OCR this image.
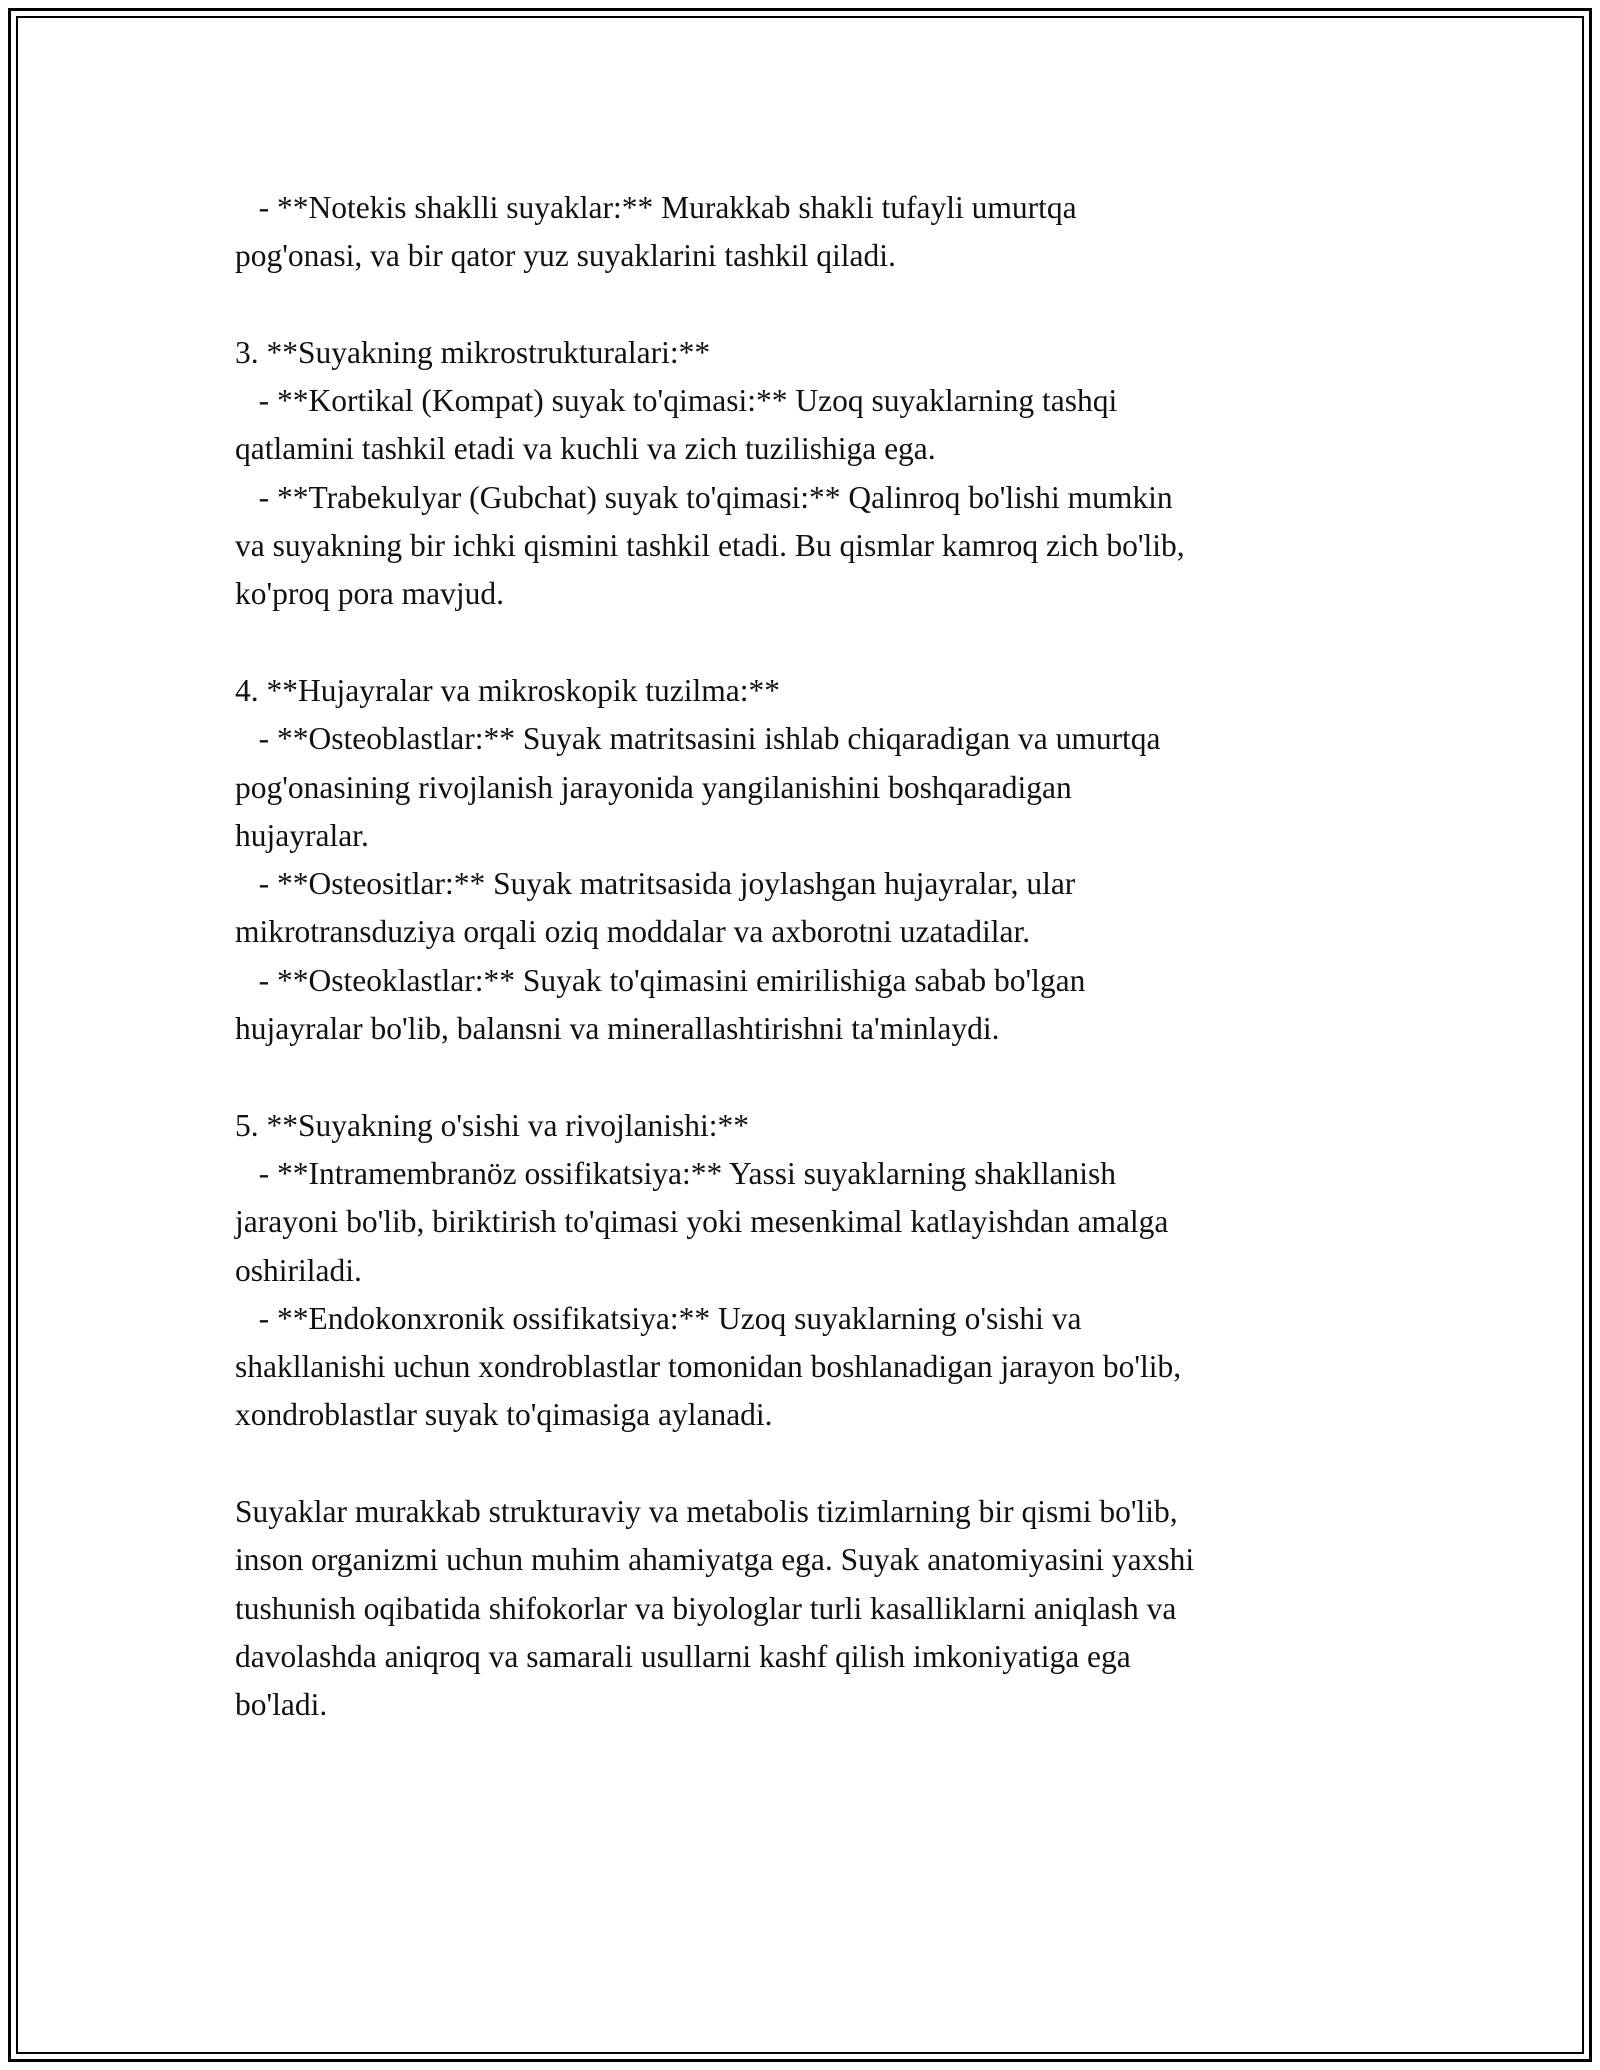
- **Notekis shaklli suyaklar:** Murakkab shakli tufayli umurtqa
pog'onasi, va bir qator yuz suyaklarini tashkil qiladi.
3. **Suyakning mikrostrukturalari:**
- **Kortikal (Kompat) suyak to'qimasi:** Uzoq suyaklarning tashqi
qatlamini tashkil etadi va kuchli va zich tuzilishiga ega.
- **Trabekulyar (Gubchat) suyak to'qimasi:** Qalinroq bo'lishi mumkin
va suyakning bir ichki qismini tashkil etadi. Bu qismlar kamroq zich bo'lib,
ko'proq pora mavjud.
4. **Hujayralar va mikroskopik tuzilma:**
- **Osteoblastlar:** Suyak matritsasini ishlab chiqaradigan va umurtqa
pog'onasining rivojlanish jarayonida yangilanishini boshqaradigan
hujayralar.
- **Osteositlar:** Suyak matritsasida joylashgan hujayralar, ular
mikrotransduziya orqali oziq moddalar va axborotni uzatadilar.
- **Osteoklastlar:** Suyak to'qimasini emirilishiga sabab bo'lgan
hujayralar bo'lib, balansni va minerallashtirishni ta'minlaydi.
5. **Suyakning o'sishi va rivojlanishi:**
- **Intramembranöz ossifikatsiya:** Yassi suyaklarning shakllanish
jarayoni bo'lib, biriktirish to'qimasi yoki mesenkimal katlayishdan amalga
oshiriladi.
- **Endokonxronik ossifikatsiya:** Uzoq suyaklarning o'sishi va
shakllanishi uchun xondroblastlar tomonidan boshlanadigan jarayon bo'lib,
xondroblastlar suyak to'qimasiga aylanadi.
Suyaklar murakkab strukturaviy va metabolis tizimlarning bir qismi bo'lib,
inson organizmi uchun muhim ahamiyatga ega. Suyak anatomiyasini yaxshi
tushunish oqibatida shifokorlar va biyologlar turli kasalliklarni aniqlash va
davolashda aniqroq va samarali usullarni kashf qilish imkoniyatiga ega
bo'ladi.
